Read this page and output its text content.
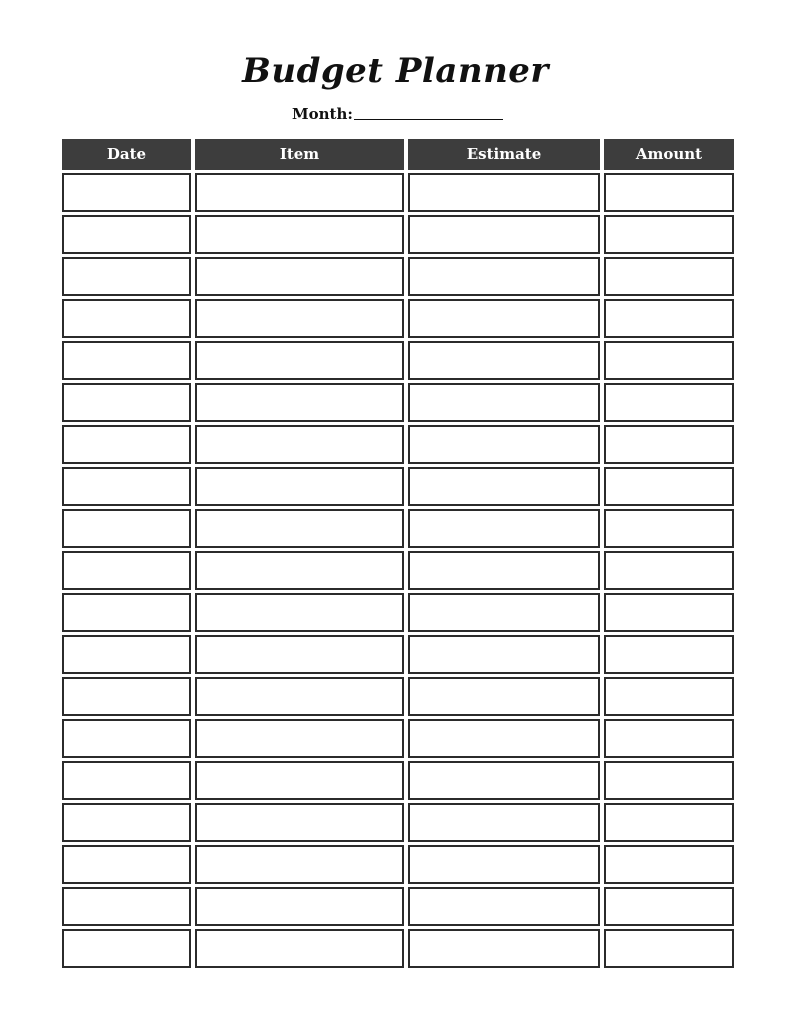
Budget Planner
Month:
Date	Item	Estimate	Amount
